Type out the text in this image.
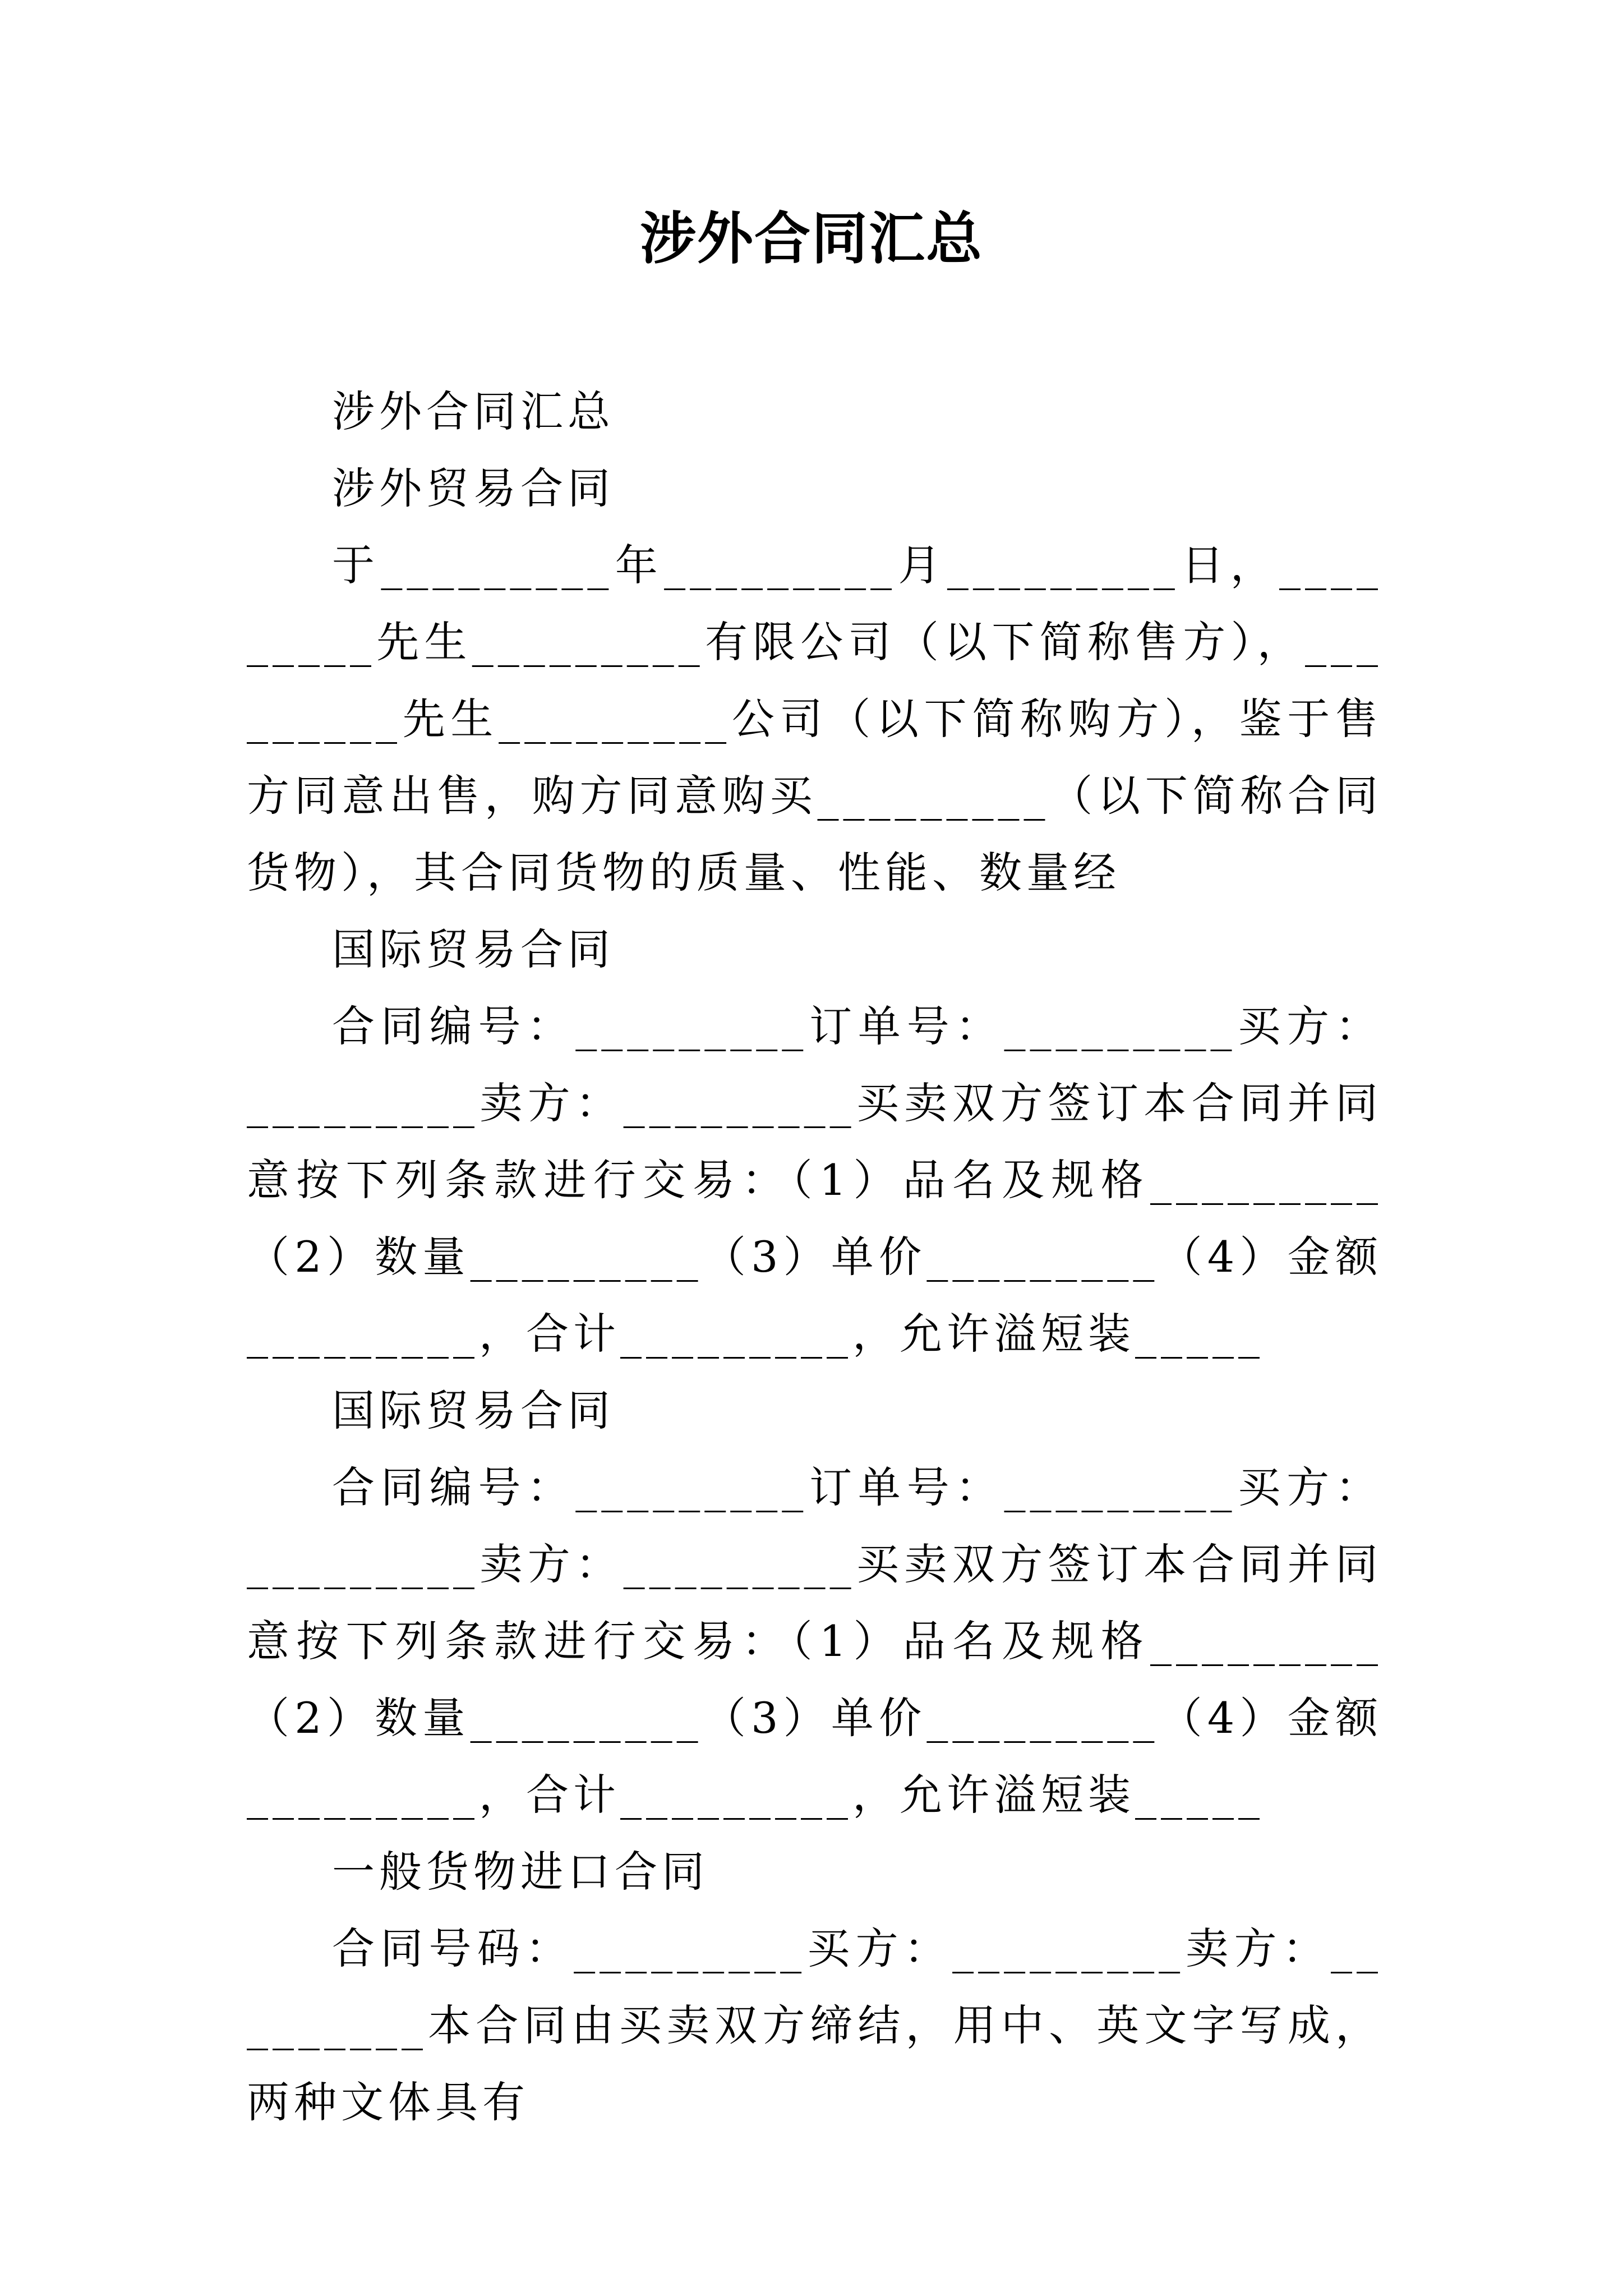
涉外合同汇总

涉外合同汇总

涉外贸易合同

于_________年_________月_________日，_________先生_________有限公司（以下简称售方），_________先生_________公司（以下简称购方），鉴于售方同意出售，购方同意购买_________（以下简称合同货物），其合同货物的质量、性能、数量经

国际贸易合同

合同编号：_________订单号：_________买方：_________卖方：_________买卖双方签订本合同并同意按下列条款进行交易：（1）品名及规格_________（2）数量_________（3）单价_________（4）金额_________，合计_________，允许溢短装_____

国际贸易合同

合同编号：_________订单号：_________买方：_________卖方：_________买卖双方签订本合同并同意按下列条款进行交易：（1）品名及规格_________（2）数量_________（3）单价_________（4）金额_________，合计_________，允许溢短装_____

一般货物进口合同

合同号码：_________买方：_________卖方：_________本合同由买卖双方缔结，用中、英文字写成，两种文体具有
